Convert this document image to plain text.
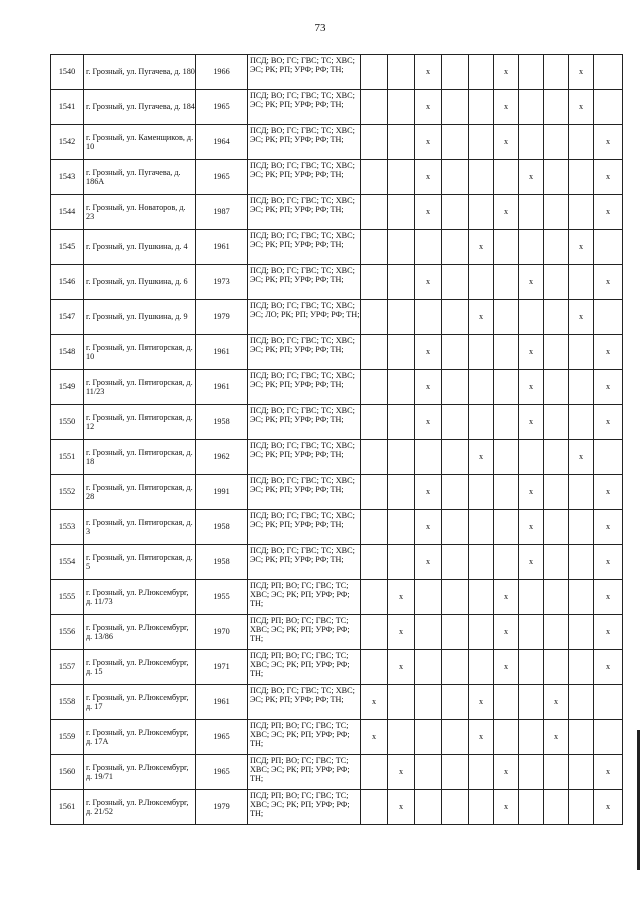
73
1540	г. Грозный, ул. Пугачева, д. 180	1966	ПСД; ВО; ГС; ГВС; ТС; ХВС; ЭС; РК; РП; УРФ; РФ; ТН;			x			x			x	
1541	г. Грозный, ул. Пугачева, д. 184	1965	ПСД; ВО; ГС; ГВС; ТС; ХВС; ЭС; РК; РП; УРФ; РФ; ТН;			x			x			x	
1542	г. Грозный, ул. Каменщиков, д. 10	1964	ПСД; ВО; ГС; ГВС; ТС; ХВС; ЭС; РК; РП; УРФ; РФ; ТН;			x			x				x
1543	г. Грозный, ул. Пугачева, д. 186А	1965	ПСД; ВО; ГС; ГВС; ТС; ХВС; ЭС; РК; РП; УРФ; РФ; ТН;			x				x			x
1544	г. Грозный, ул. Новаторов, д. 23	1987	ПСД; ВО; ГС; ГВС; ТС; ХВС; ЭС; РК; РП; УРФ; РФ; ТН;			x			x				x
1545	г. Грозный, ул. Пушкина, д. 4	1961	ПСД; ВО; ГС; ГВС; ТС; ХВС; ЭС; РК; РП; УРФ; РФ; ТН;					x				x	
1546	г. Грозный, ул. Пушкина, д. 6	1973	ПСД; ВО; ГС; ГВС; ТС; ХВС; ЭС; РК; РП; УРФ; РФ; ТН;			x				x			x
1547	г. Грозный, ул. Пушкина, д. 9	1979	ПСД; ВО; ГС; ГВС; ТС; ХВС; ЭС; ЛО; РК; РП; УРФ; РФ; ТН;					x				x	
1548	г. Грозный, ул. Пятигорская, д. 10	1961	ПСД; ВО; ГС; ГВС; ТС; ХВС; ЭС; РК; РП; УРФ; РФ; ТН;			x				x			x
1549	г. Грозный, ул. Пятигорская, д. 11/23	1961	ПСД; ВО; ГС; ГВС; ТС; ХВС; ЭС; РК; РП; УРФ; РФ; ТН;			x				x			x
1550	г. Грозный, ул. Пятигорская, д. 12	1958	ПСД; ВО; ГС; ГВС; ТС; ХВС; ЭС; РК; РП; УРФ; РФ; ТН;			x				x			x
1551	г. Грозный, ул. Пятигорская, д. 18	1962	ПСД; ВО; ГС; ГВС; ТС; ХВС; ЭС; РК; РП; УРФ; РФ; ТН;					x				x	
1552	г. Грозный, ул. Пятигорская, д. 28	1991	ПСД; ВО; ГС; ГВС; ТС; ХВС; ЭС; РК; РП; УРФ; РФ; ТН;			x				x			x
1553	г. Грозный, ул. Пятигорская, д. 3	1958	ПСД; ВО; ГС; ГВС; ТС; ХВС; ЭС; РК; РП; УРФ; РФ; ТН;			x				x			x
1554	г. Грозный, ул. Пятигорская, д. 5	1958	ПСД; ВО; ГС; ГВС; ТС; ХВС; ЭС; РК; РП; УРФ; РФ; ТН;			x				x			x
1555	г. Грозный, ул. Р.Люксембург, д. 11/73	1955	ПСД; РП; ВО; ГС; ГВС; ТС; ХВС; ЭС; РК; РП; УРФ; РФ; ТН;		x				x				x
1556	г. Грозный, ул. Р.Люксембург, д. 13/86	1970	ПСД; РП; ВО; ГС; ГВС; ТС; ХВС; ЭС; РК; РП; УРФ; РФ; ТН;		x				x				x
1557	г. Грозный, ул. Р.Люксембург, д. 15	1971	ПСД; РП; ВО; ГС; ГВС; ТС; ХВС; ЭС; РК; РП; УРФ; РФ; ТН;		x				x				x
1558	г. Грозный, ул. Р.Люксембург, д. 17	1961	ПСД; ВО; ГС; ГВС; ТС; ХВС; ЭС; РК; РП; УРФ; РФ; ТН;	x				x			x		
1559	г. Грозный, ул. Р.Люксембург, д. 17А	1965	ПСД; РП; ВО; ГС; ГВС; ТС; ХВС; ЭС; РК; РП; УРФ; РФ; ТН;	x				x			x		
1560	г. Грозный, ул. Р.Люксембург, д. 19/71	1965	ПСД; РП; ВО; ГС; ГВС; ТС; ХВС; ЭС; РК; РП; УРФ; РФ; ТН;		x				x				x
1561	г. Грозный, ул. Р.Люксембург, д. 21/52	1979	ПСД; РП; ВО; ГС; ГВС; ТС; ХВС; ЭС; РК; РП; УРФ; РФ; ТН;		x				x				x
